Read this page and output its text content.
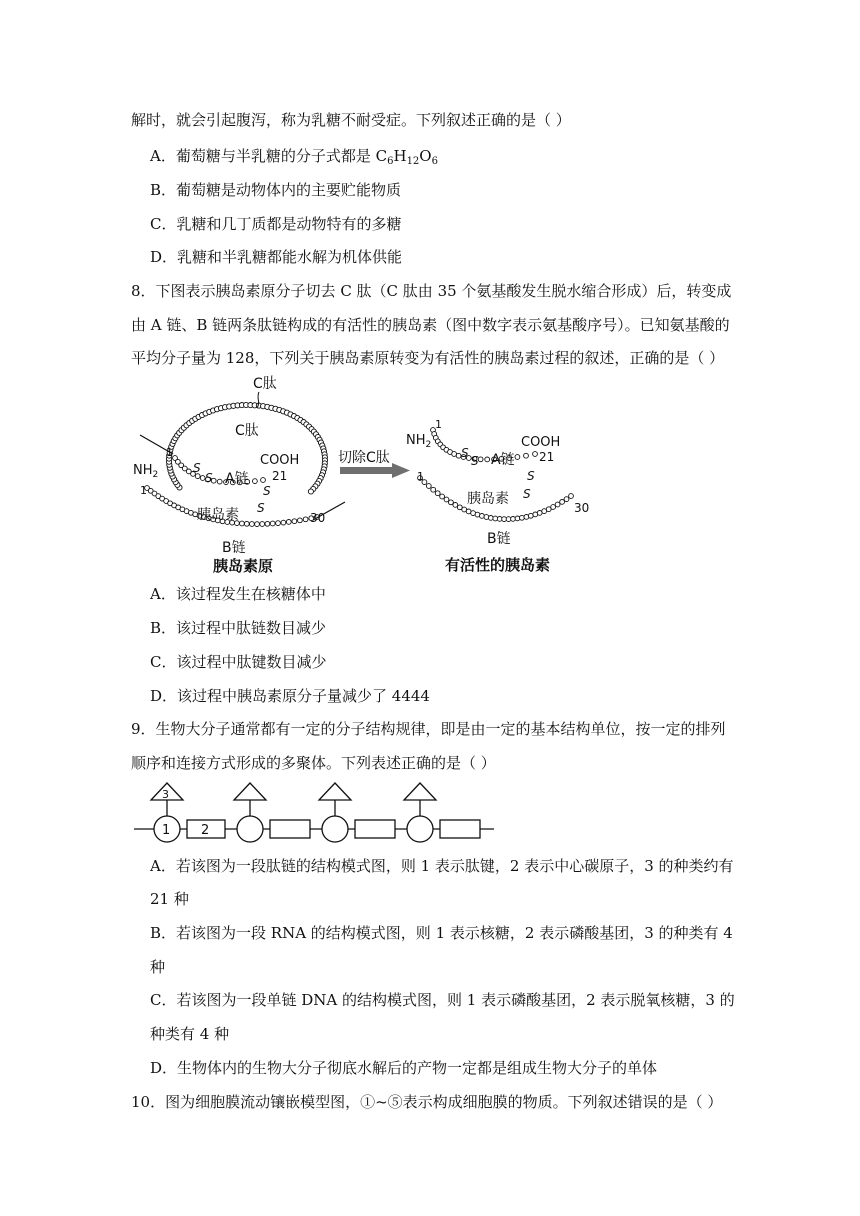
解时，就会引起腹泻，称为乳糖不耐受症。下列叙述正确的是（ ）
A．葡萄糖与半乳糖的分子式都是 $C_6H_{12}O_6$
B．葡萄糖是动物体内的主要贮能物质
C．乳糖和几丁质都是动物特有的多糖
D．乳糖和半乳糖都能水解为机体供能
8．下图表示胰岛素原分子切去 C 肽（C 肽由 35 个氨基酸发生脱水缩合形成）后，转变成
由 A 链、B 链两条肽链构成的有活性的胰岛素（图中数字表示氨基酸序号）。已知氨基酸的
平均分子量为 128，下列关于胰岛素原转变为有活性的胰岛素过程的叙述，正确的是（ ）
C肽
C肽
$NH_2$
1
1
S
S A链
COOH
21
S
S
胰岛素	30
B链
胰岛素原
切除C肽
$NH_2$
1
1
S
S A链
COOH
21
S
S
胰岛素
30
B链
有活性的胰岛素
A．该过程发生在核糖体中
B．该过程中肽链数目减少
C．该过程中肽键数目减少
D．该过程中胰岛素原分子量减少了 4444
9．生物大分子通常都有一定的分子结构规律，即是由一定的基本结构单位，按一定的排列
顺序和连接方式形成的多聚体。下列表述正确的是（ ）
3
1 2
A．若该图为一段肽链的结构模式图，则 1 表示肽键，2 表示中心碳原子，3 的种类约有
21 种
B．若该图为一段 RNA 的结构模式图，则 1 表示核糖，2 表示磷酸基团，3 的种类有 4
种
C．若该图为一段单链 DNA 的结构模式图，则 1 表示磷酸基团，2 表示脱氧核糖，3 的
种类有 4 种
D．生物体内的生物大分子彻底水解后的产物一定都是组成生物大分子的单体
10．图为细胞膜流动镶嵌模型图，①~⑤表示构成细胞膜的物质。下列叙述错误的是（ ）
